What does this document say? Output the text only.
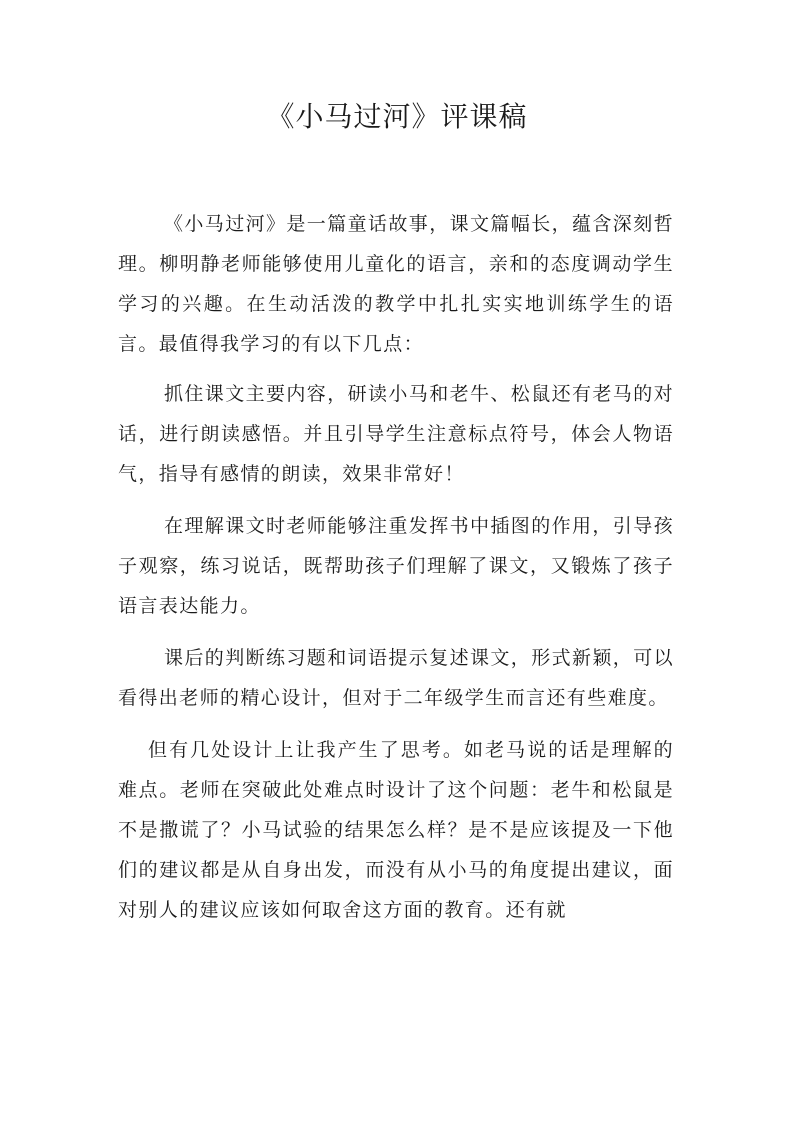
《小马过河》评课稿

《小马过河》是一篇童话故事，课文篇幅长，蕴含深刻哲理。柳明静老师能够使用儿童化的语言，亲和的态度调动学生学习的兴趣。在生动活泼的教学中扎扎实实地训练学生的语言。最值得我学习的有以下几点：

抓住课文主要内容，研读小马和老牛、松鼠还有老马的对话，进行朗读感悟。并且引导学生注意标点符号，体会人物语气，指导有感情的朗读，效果非常好！

在理解课文时老师能够注重发挥书中插图的作用，引导孩子观察，练习说话，既帮助孩子们理解了课文，又锻炼了孩子语言表达能力。

课后的判断练习题和词语提示复述课文，形式新颖，可以看得出老师的精心设计，但对于二年级学生而言还有些难度。

但有几处设计上让我产生了思考。如老马说的话是理解的难点。老师在突破此处难点时设计了这个问题：老牛和松鼠是不是撒谎了？小马试验的结果怎么样？是不是应该提及一下他们的建议都是从自身出发，而没有从小马的角度提出建议，面对别人的建议应该如何取舍这方面的教育。还有就
